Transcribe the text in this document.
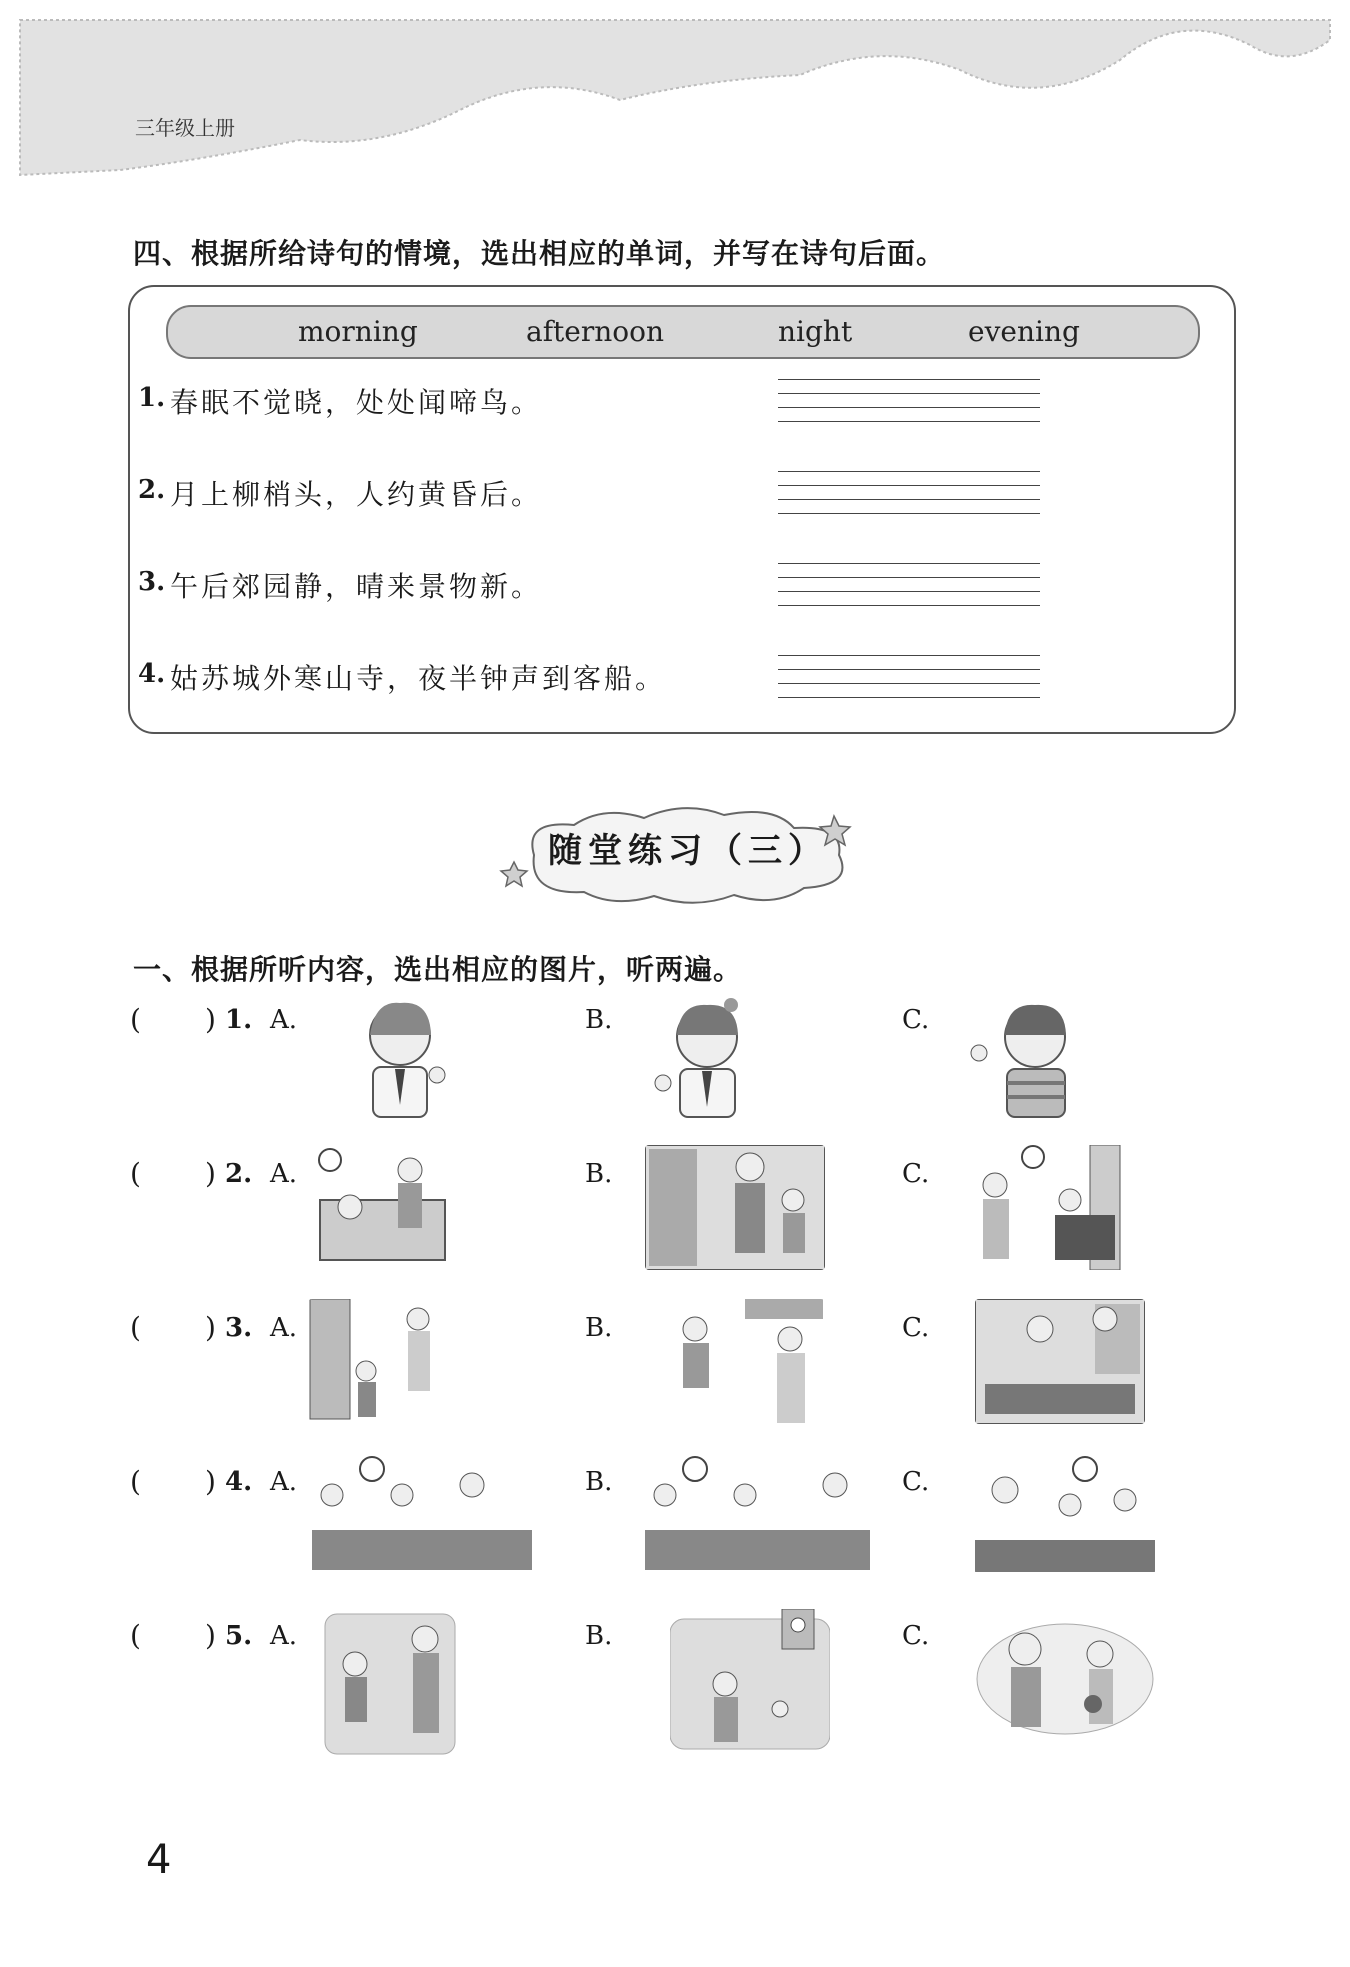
三年级上册
四、根据所给诗句的情境，选出相应的单词，并写在诗句后面。
morning	afternoon	night	evening
1. 春眠不觉晓，处处闻啼鸟。
2. 月上柳梢头，人约黄昏后。
3. 午后郊园静，晴来景物新。
4. 姑苏城外寒山寺，夜半钟声到客船。
随堂练习（三）
一、根据所听内容，选出相应的图片，听两遍。
( ) 1. A.	B.	C.
( ) 2. A.	B.	C.
( ) 3. A.	B.	C.
( ) 4. A.	B.	C.
( ) 5. A.	B.	C.
4
